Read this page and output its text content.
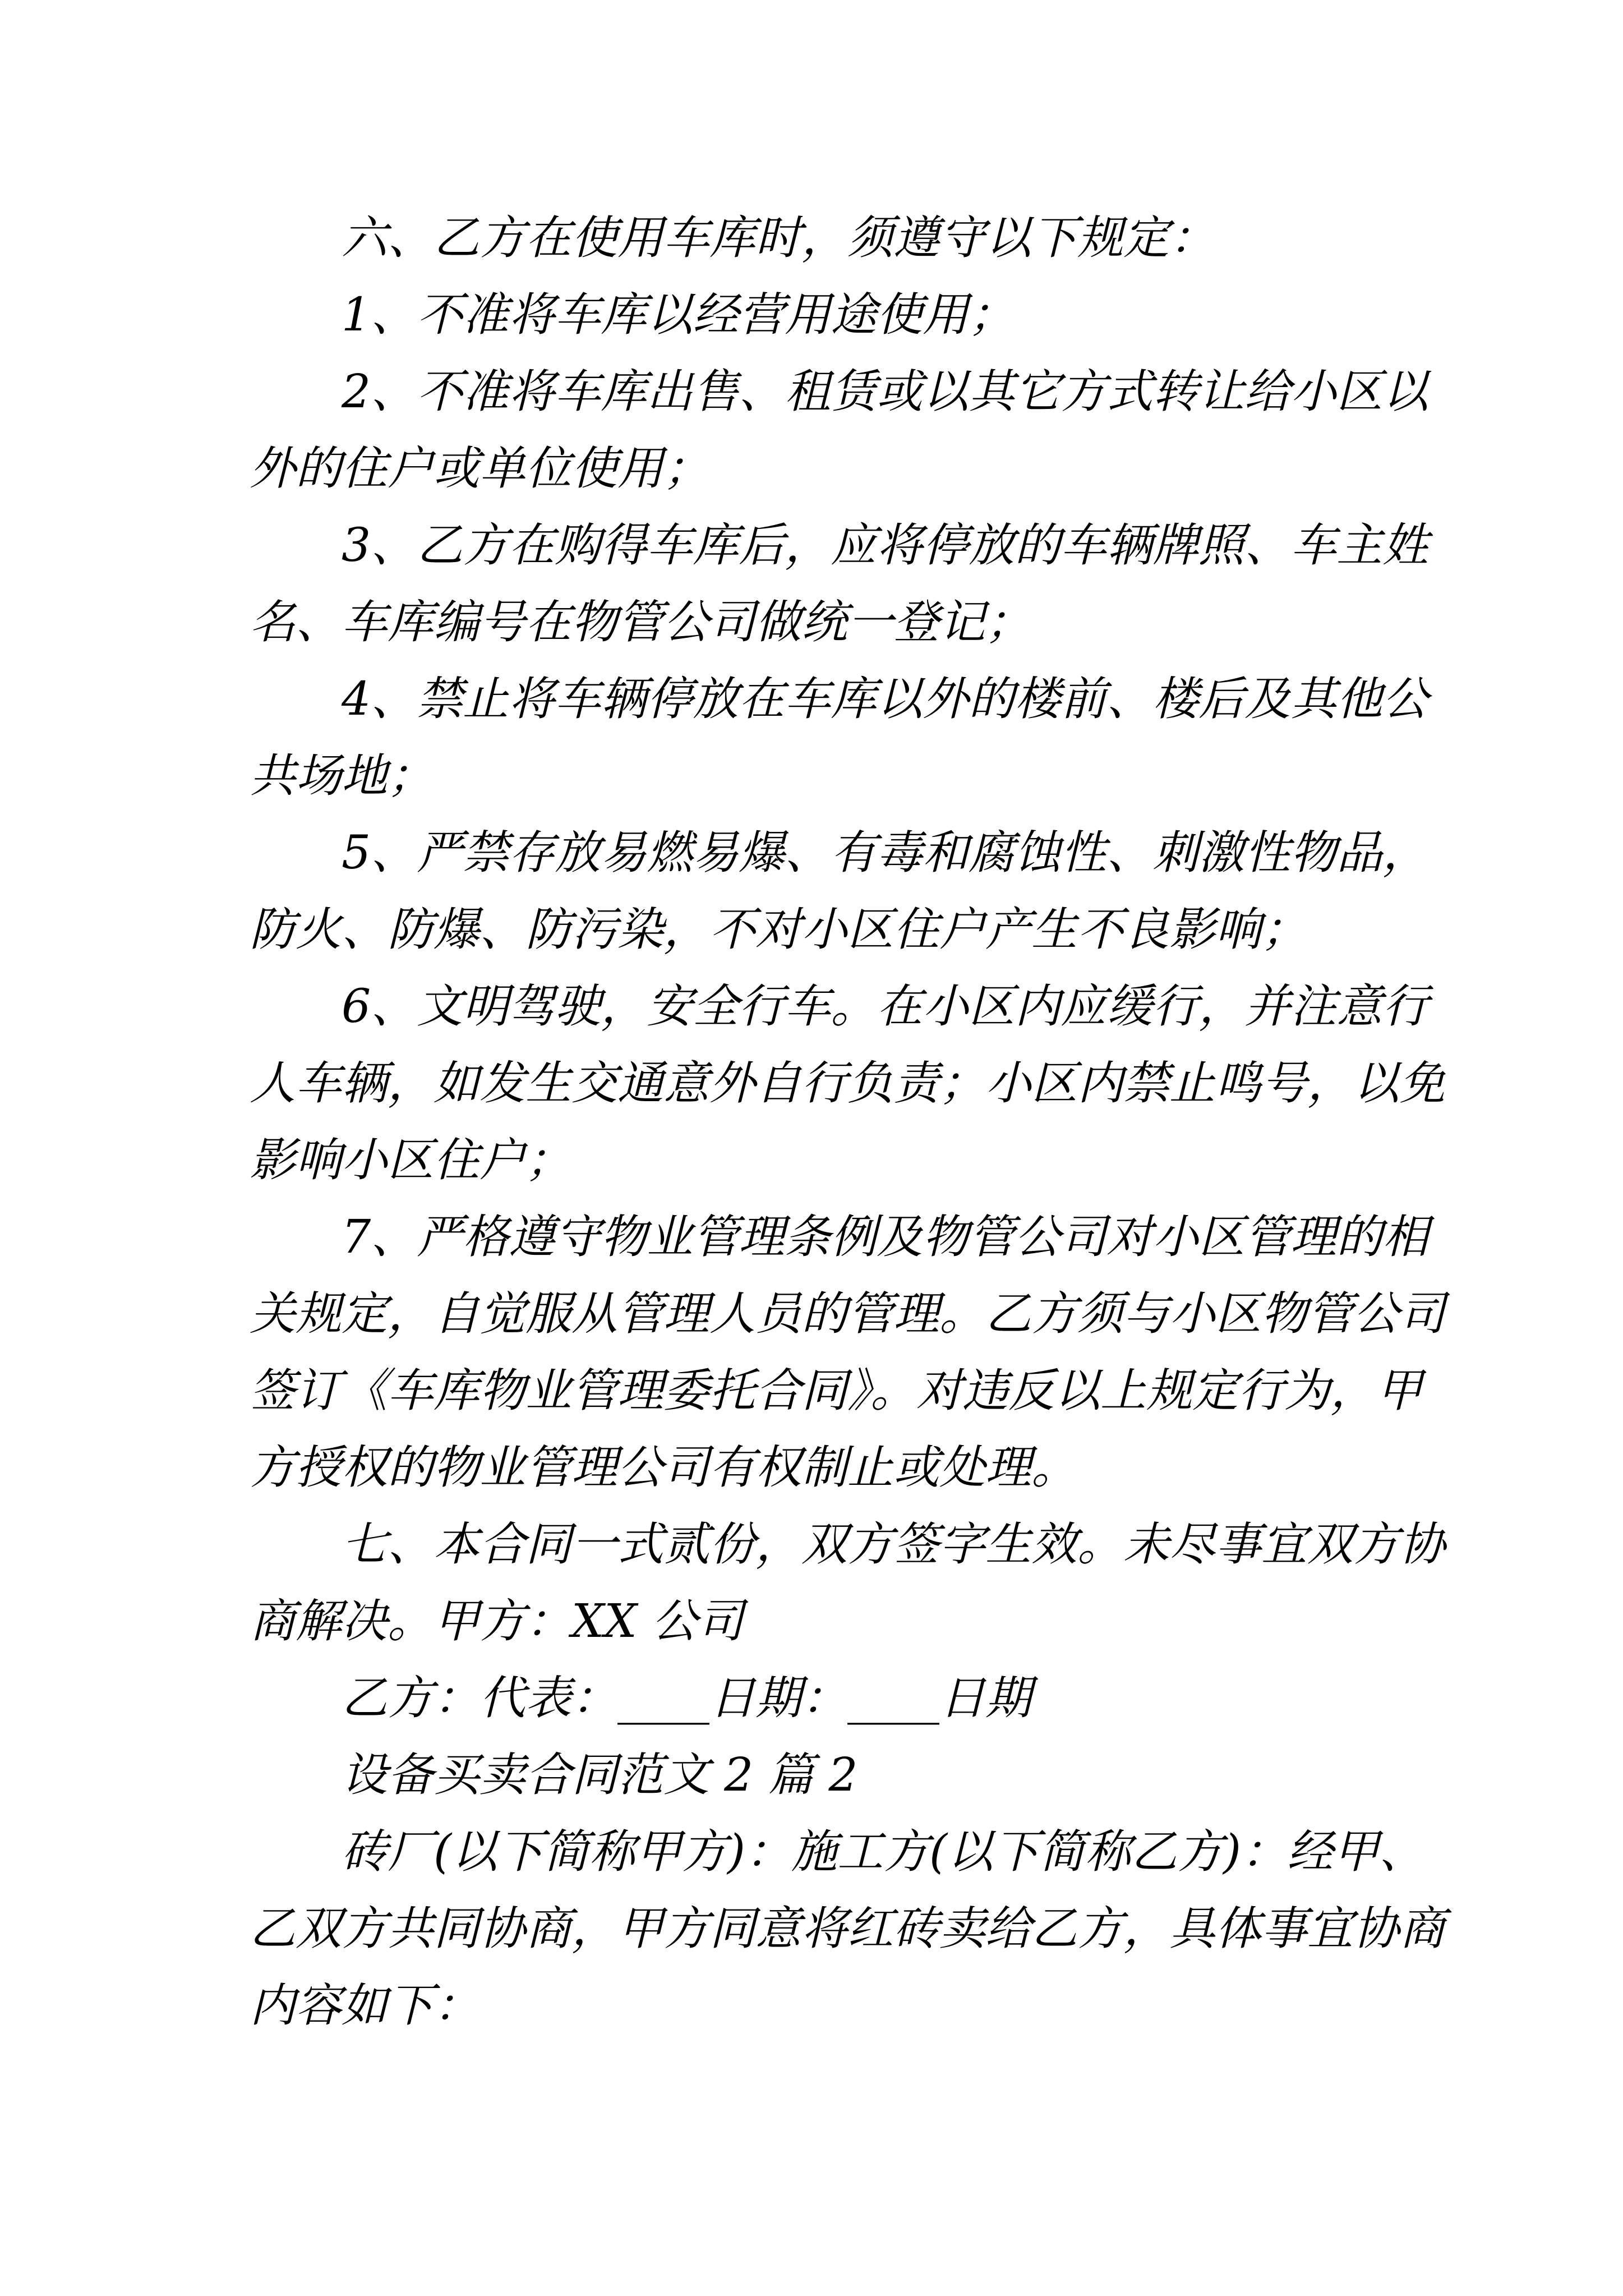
六、乙方在使用车库时，须遵守以下规定：
1、不准将车库以经营用途使用；
2、不准将车库出售、租赁或以其它方式转让给小区以
外的住户或单位使用；
3、乙方在购得车库后，应将停放的车辆牌照、车主姓
名、车库编号在物管公司做统一登记；
4、禁止将车辆停放在车库以外的楼前、楼后及其他公
共场地；
5、严禁存放易燃易爆、有毒和腐蚀性、刺激性物品，
防火、防爆、防污染，不对小区住户产生不良影响；
6、文明驾驶，安全行车。在小区内应缓行，并注意行
人车辆，如发生交通意外自行负责；小区内禁止鸣号，以免
影响小区住户；
7、严格遵守物业管理条例及物管公司对小区管理的相
关规定，自觉服从管理人员的管理。乙方须与小区物管公司
签订《车库物业管理委托合同》。对违反以上规定行为，甲
方授权的物业管理公司有权制止或处理。
七、本合同一式贰份，双方签字生效。未尽事宜双方协
商解决。甲方：XX 公司
乙方：代表：____日期：____日期
设备买卖合同范文 2 篇 2
砖厂(以下简称甲方)：施工方(以下简称乙方)：经甲、
乙双方共同协商，甲方同意将红砖卖给乙方，具体事宜协商
内容如下：
